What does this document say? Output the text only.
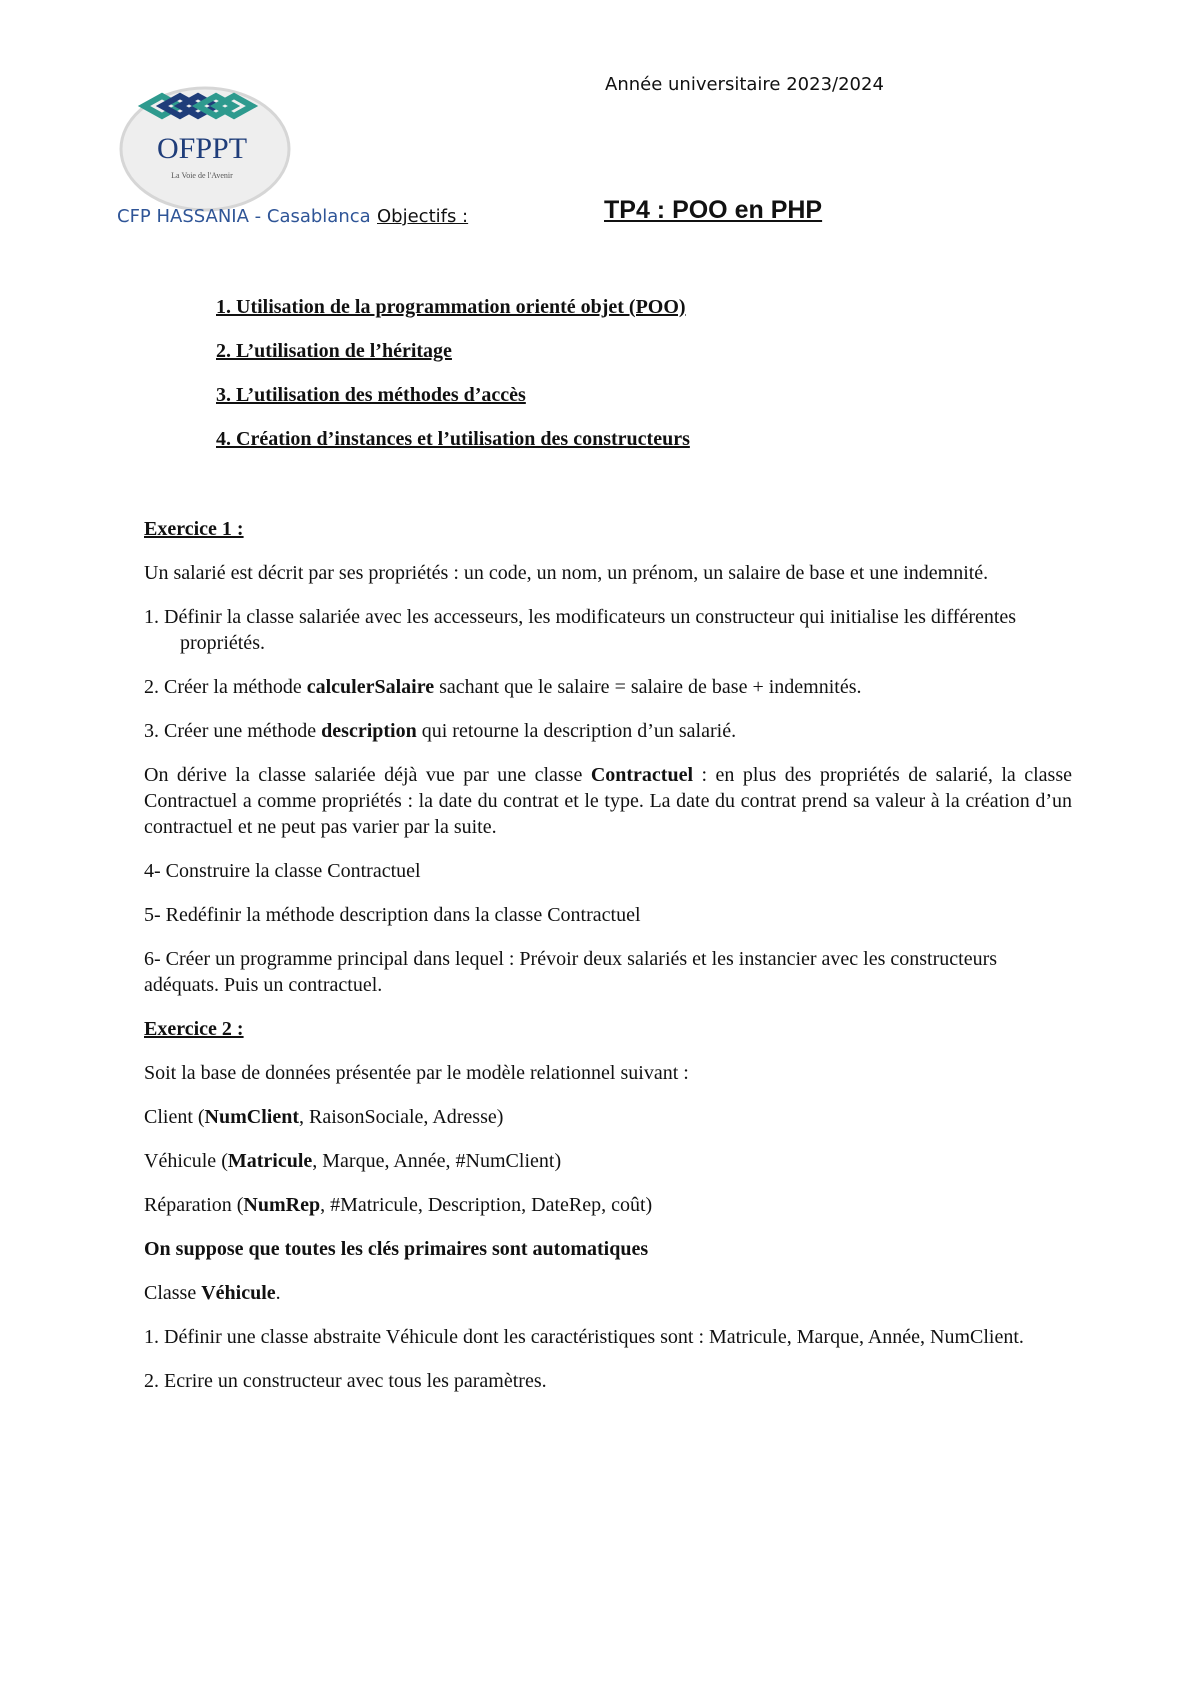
OFPPT
La Voie de l'Avenir
Année universitaire 2023/2024
CFP HASSANIA - Casablanca Objectifs :	TP4 : POO en PHP
1. Utilisation de la programmation orienté objet (POO)
2. L’utilisation de l’héritage
3. L’utilisation des méthodes d’accès
4. Création d’instances et l’utilisation des constructeurs

Exercice 1 :

Un salarié est décrit par ses propriétés : un code, un nom, un prénom, un salaire de base et une indemnité.

1. Définir la classe salariée avec les accesseurs, les modificateurs un constructeur qui initialise les différentes propriétés.

2. Créer la méthode calculerSalaire sachant que le salaire = salaire de base + indemnités.

3. Créer une méthode description qui retourne la description d’un salarié.

On dérive la classe salariée déjà vue par une classe Contractuel : en plus des propriétés de salarié, la classe Contractuel a comme propriétés : la date du contrat et le type. La date du contrat prend sa valeur à la création d’un contractuel et ne peut pas varier par la suite.

4- Construire la classe Contractuel

5- Redéfinir la méthode description dans la classe Contractuel

6- Créer un programme principal dans lequel : Prévoir deux salariés et les instancier avec les constructeurs adéquats. Puis un contractuel.

Exercice 2 :

Soit la base de données présentée par le modèle relationnel suivant :

Client (NumClient, RaisonSociale, Adresse)

Véhicule (Matricule, Marque, Année, #NumClient)

Réparation (NumRep, #Matricule, Description, DateRep, coût)

On suppose que toutes les clés primaires sont automatiques

Classe Véhicule.

1. Définir une classe abstraite Véhicule dont les caractéristiques sont : Matricule, Marque, Année, NumClient.

2. Ecrire un constructeur avec tous les paramètres.
